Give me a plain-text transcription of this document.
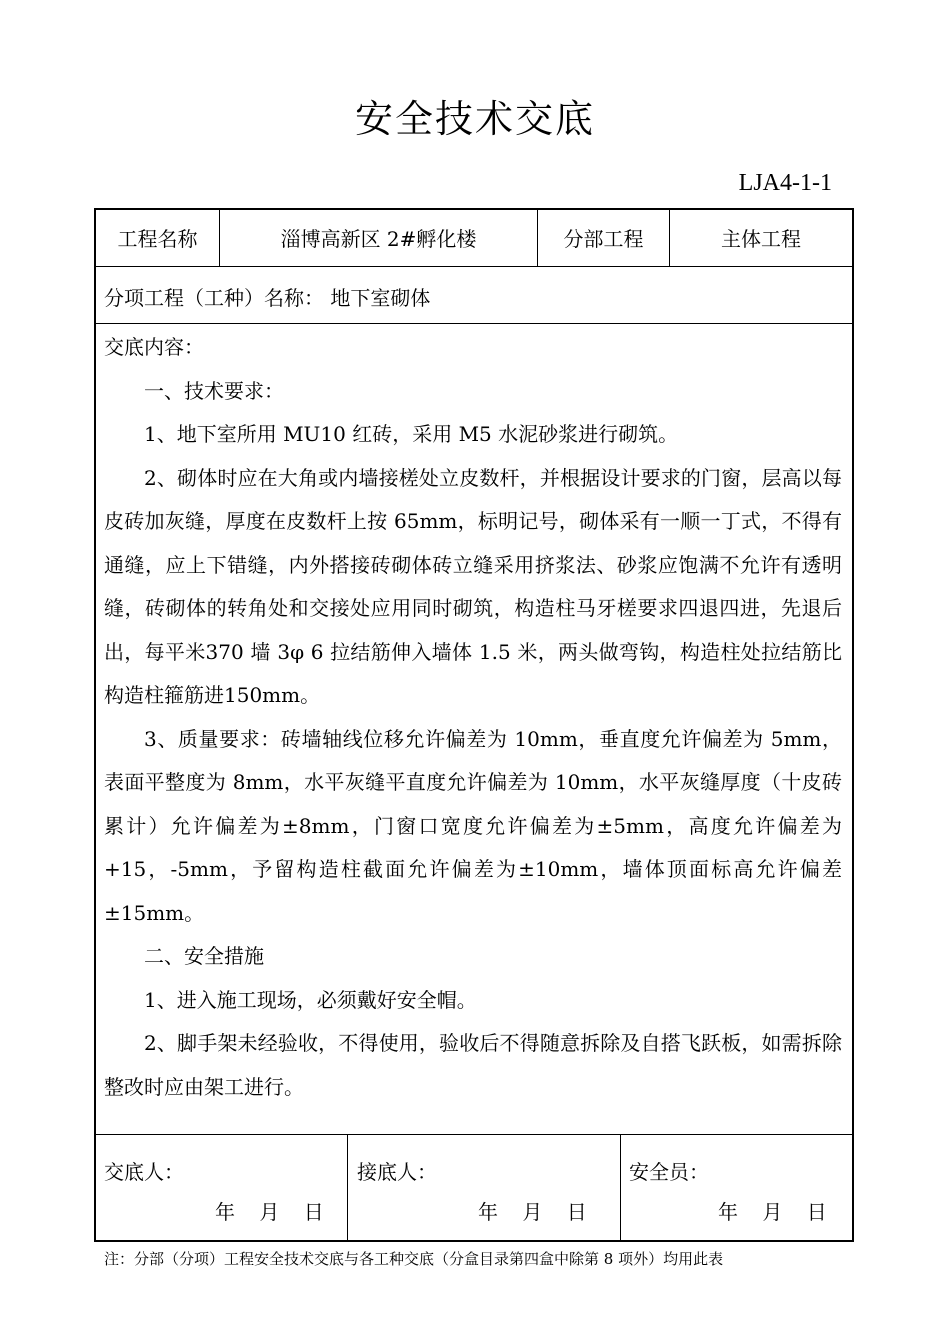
安全技术交底
LJA4-1-1
工程名称	淄博高新区 2#孵化楼	分部工程	主体工程
分项工程（工种）名称： 地下室砌体

交底内容：

一、技术要求：

1、地下室所用 MU10 红砖，采用 M5 水泥砂浆进行砌筑。

2、砌体时应在大角或内墙接槎处立皮数杆，并根据设计要求的门窗，层高以每皮砖加灰缝，厚度在皮数杆上按 65mm，标明记号，砌体采有一顺一丁式，不得有通缝，应上下错缝，内外搭接砖砌体砖立缝采用挤浆法、砂浆应饱满不允许有透明缝，砖砌体的转角处和交接处应用同时砌筑，构造柱马牙槎要求四退四进，先退后出，每平米370 墙 3φ 6 拉结筋伸入墙体 1.5 米，两头做弯钩，构造柱处拉结筋比构造柱箍筋进150mm。

3、质量要求：砖墙轴线位移允许偏差为 10mm，垂直度允许偏差为 5mm，表面平整度为 8mm，水平灰缝平直度允许偏差为 10mm，水平灰缝厚度（十皮砖累计）允许偏差为±8mm，门窗口宽度允许偏差为±5mm，高度允许偏差为+15，-5mm，予留构造柱截面允许偏差为±10mm，墙体顶面标高允许偏差±15mm。

二、安全措施

1、进入施工现场，必须戴好安全帽。

2、脚手架未经验收，不得使用，验收后不得随意拆除及自搭飞跃板，如需拆除整改时应由架工进行。

交底人：	接底人：	安全员：
年 月 日	年 月 日	年 月 日
注：分部（分项）工程安全技术交底与各工种交底（分盒目录第四盒中除第 8 项外）均用此表
